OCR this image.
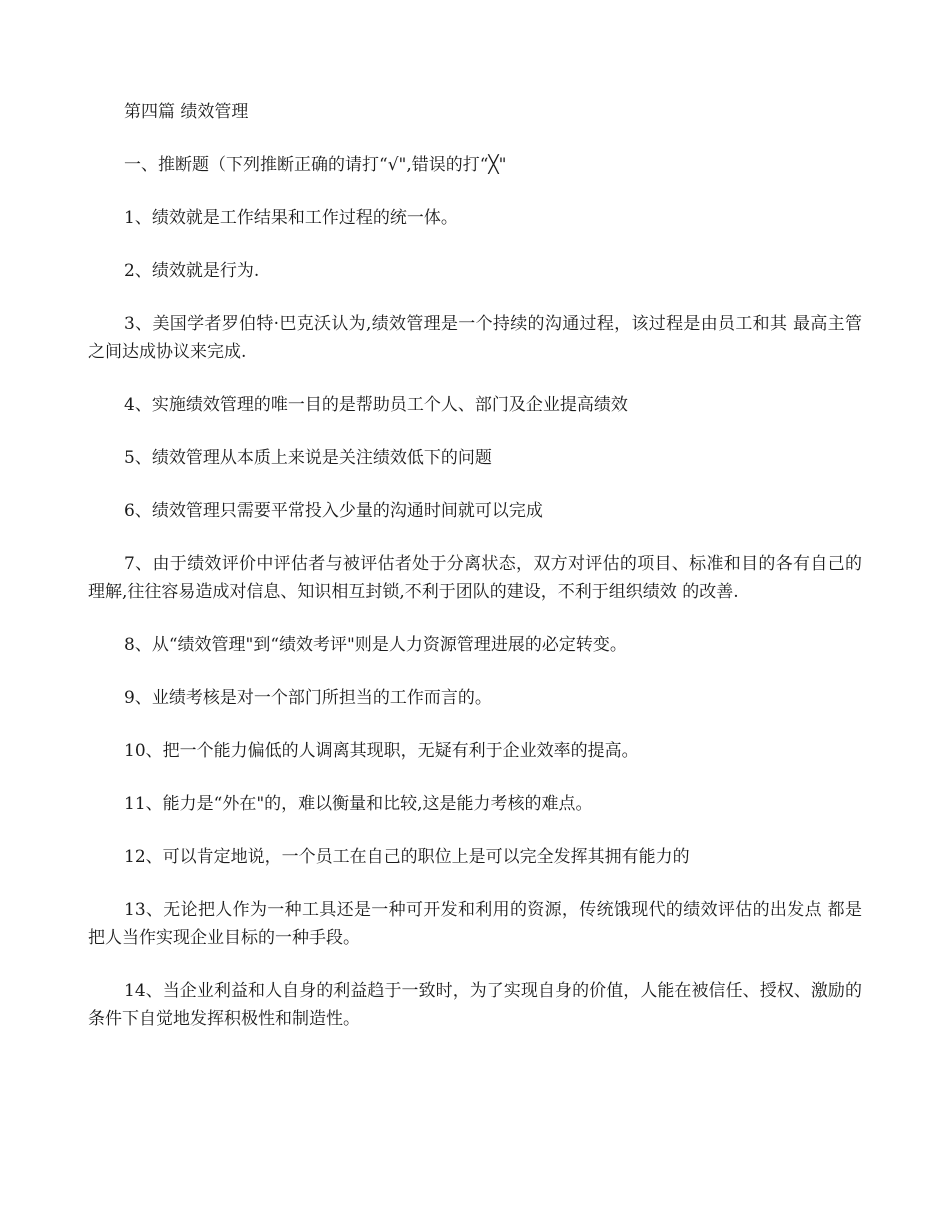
第四篇 绩效管理

一、推断题（下列推断正确的请打“√",错误的打“╳"

1、绩效就是工作结果和工作过程的统一体。

2、绩效就是行为.

3、美国学者罗伯特·巴克沃认为,绩效管理是一个持续的沟通过程，该过程是由员工和其 最高主管之间达成协议来完成.

4、实施绩效管理的唯一目的是帮助员工个人、部门及企业提高绩效

5、绩效管理从本质上来说是关注绩效低下的问题

6、绩效管理只需要平常投入少量的沟通时间就可以完成

7、由于绩效评价中评估者与被评估者处于分离状态，双方对评估的项目、标准和目的各有自己的理解,往往容易造成对信息、知识相互封锁,不利于团队的建设，不利于组织绩效 的改善.

8、从“绩效管理"到“绩效考评"则是人力资源管理进展的必定转变。

9、业绩考核是对一个部门所担当的工作而言的。

10、把一个能力偏低的人调离其现职，无疑有利于企业效率的提高。

11、能力是“外在"的，难以衡量和比较,这是能力考核的难点。

12、可以肯定地说，一个员工在自己的职位上是可以完全发挥其拥有能力的

13、无论把人作为一种工具还是一种可开发和利用的资源，传统饿现代的绩效评估的出发点 都是把人当作实现企业目标的一种手段。

14、当企业利益和人自身的利益趋于一致时，为了实现自身的价值，人能在被信任、授权、激励的条件下自觉地发挥积极性和制造性。
